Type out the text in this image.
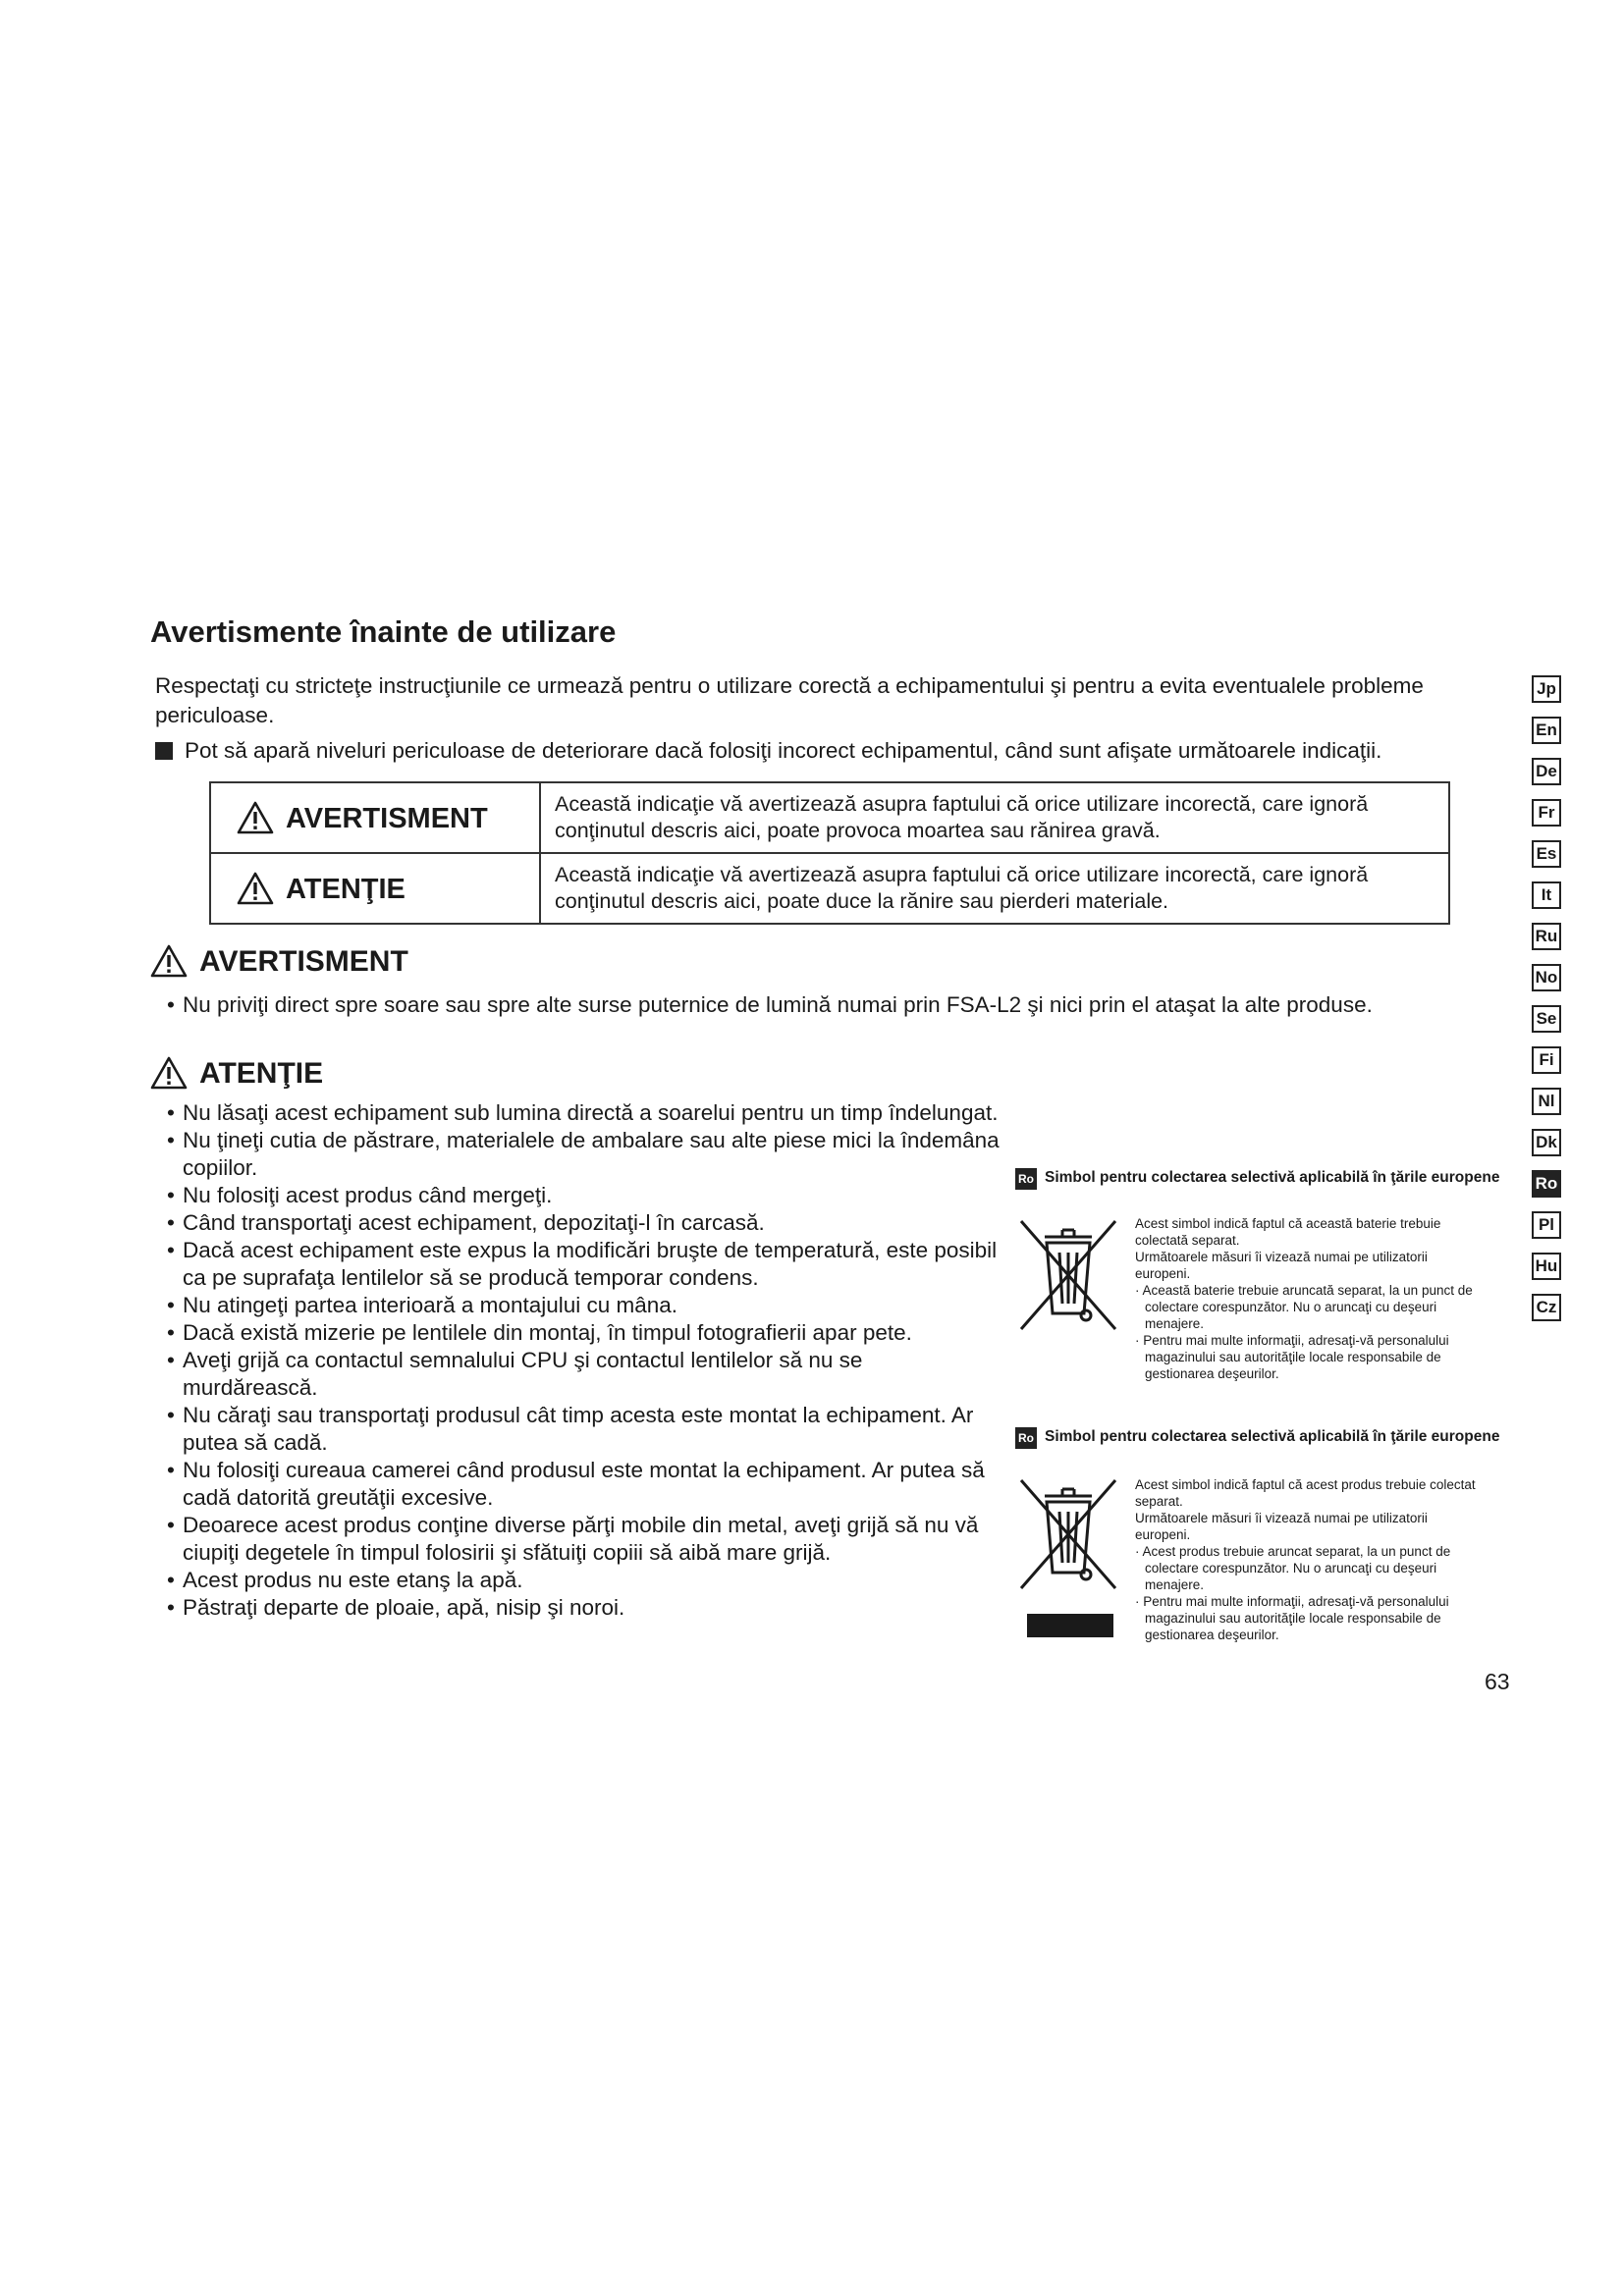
Avertismente înainte de utilizare

Respectaţi cu stricteţe instrucţiunile ce urmează pentru o utilizare corectă a echipamentului şi pentru a evita eventualele probleme periculoase.

Pot să apară niveluri periculoase de deteriorare dacă folosiţi incorect echipamentul, când sunt afişate următoarele indicaţii.
AVERTISMENT	Această indicaţie vă avertizează asupra faptului că orice utilizare incorectă, care ignoră conţinutul descris aici, poate provoca moartea sau rănirea gravă.
ATENŢIE	Această indicaţie vă avertizează asupra faptului că orice utilizare incorectă, care ignoră conţinutul descris aici, poate duce la rănire sau pierderi materiale.
AVERTISMENT
• Nu priviţi direct spre soare sau spre alte surse puternice de lumină numai prin FSA-L2 şi nici prin el ataşat la alte produse.
ATENŢIE
• Nu lăsaţi acest echipament sub lumina directă a soarelui pentru un timp îndelungat.
• Nu ţineţi cutia de păstrare, materialele de ambalare sau alte piese mici la îndemâna copiilor.
• Nu folosiţi acest produs când mergeţi.
• Când transportaţi acest echipament, depozitaţi-l în carcasă.
• Dacă acest echipament este expus la modificări bruşte de temperatură, este posibil ca pe suprafaţa lentilelor să se producă temporar condens.
• Nu atingeţi partea interioară a montajului cu mâna.
• Dacă există mizerie pe lentilele din montaj, în timpul fotografierii apar pete.
• Aveţi grijă ca contactul semnalului CPU şi contactul lentilelor să nu se murdărească.
• Nu căraţi sau transportaţi produsul cât timp acesta este montat la echipament. Ar putea să cadă.
• Nu folosiţi cureaua camerei când produsul este montat la echipament. Ar putea să cadă datorită greutăţii excesive.
• Deoarece acest produs conţine diverse părţi mobile din metal, aveţi grijă să nu vă ciupiţi degetele în timpul folosirii şi sfătuiţi copiii să aibă mare grijă.
• Acest produs nu este etanş la apă.
• Păstraţi departe de ploaie, apă, nisip şi noroi.
Ro Simbol pentru colectarea selectivă aplicabilă în ţările europene

Acest simbol indică faptul că această baterie trebuie colectată separat.

Următoarele măsuri îi vizează numai pe utilizatorii europeni.

· Această baterie trebuie aruncată separat, la un punct de colectare corespunzător. Nu o aruncaţi cu deşeuri menajere.

· Pentru mai multe informaţii, adresaţi-vă personalului magazinului sau autorităţile locale responsabile de gestionarea deşeurilor.

Ro Simbol pentru colectarea selectivă aplicabilă în ţările europene

Acest simbol indică faptul că acest produs trebuie colectat separat.

Următoarele măsuri îi vizează numai pe utilizatorii europeni.

· Acest produs trebuie aruncat separat, la un punct de colectare corespunzător. Nu o aruncaţi cu deşeuri menajere.

· Pentru mai multe informaţii, adresaţi-vă personalului magazinului sau autorităţile locale responsabile de gestionarea deşeurilor.

Jp
En
De
Fr
Es
It
Ru
No
Se
Fi
Nl
Dk
Ro
Pl
Hu
Cz
63
